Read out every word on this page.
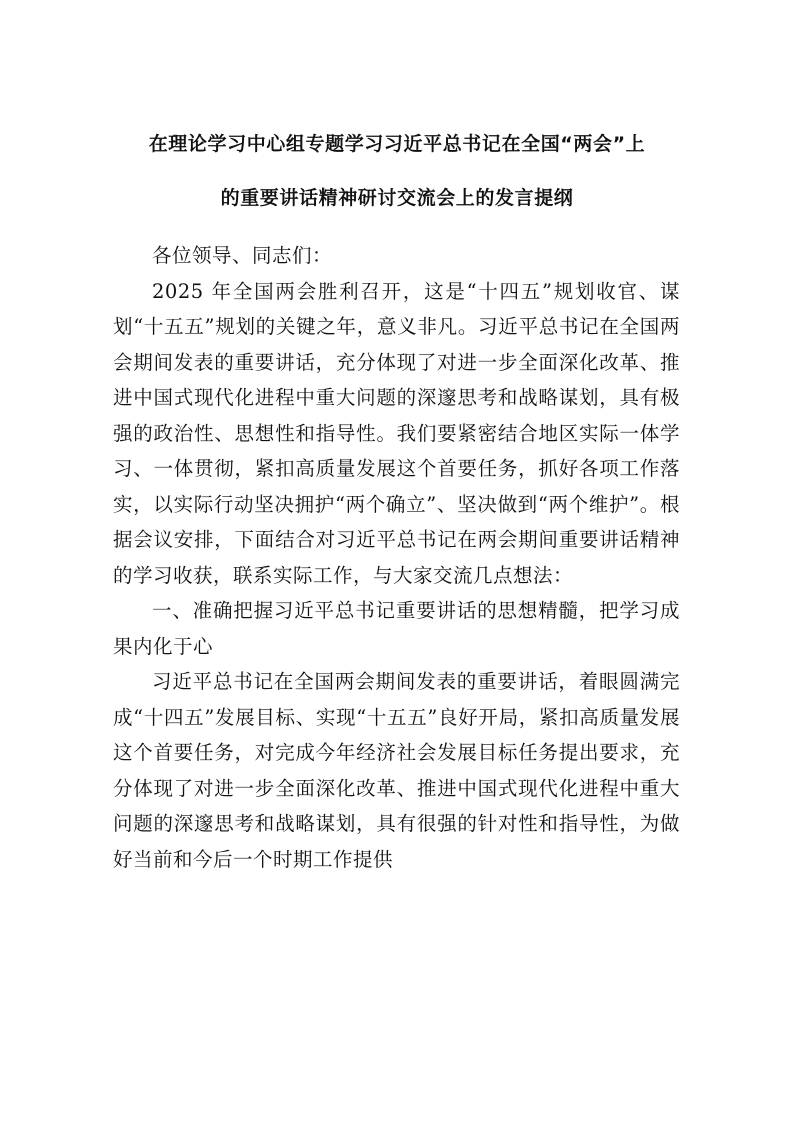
在理论学习中心组专题学习习近平总书记在全国“两会”上
的重要讲话精神研讨交流会上的发言提纲

各位领导、同志们：

2025 年全国两会胜利召开，这是“十四五”规划收官、谋划“十五五”规划的关键之年，意义非凡。习近平总书记在全国两会期间发表的重要讲话，充分体现了对进一步全面深化改革、推进中国式现代化进程中重大问题的深邃思考和战略谋划，具有极强的政治性、思想性和指导性。我们要紧密结合地区实际一体学习、一体贯彻，紧扣高质量发展这个首要任务，抓好各项工作落实，以实际行动坚决拥护“两个确立”、坚决做到“两个维护”。根据会议安排，下面结合对习近平总书记在两会期间重要讲话精神的学习收获，联系实际工作，与大家交流几点想法：

一、准确把握习近平总书记重要讲话的思想精髓，把学习成果内化于心

习近平总书记在全国两会期间发表的重要讲话，着眼圆满完成“十四五”发展目标、实现“十五五”良好开局，紧扣高质量发展这个首要任务，对完成今年经济社会发展目标任务提出要求，充分体现了对进一步全面深化改革、推进中国式现代化进程中重大问题的深邃思考和战略谋划，具有很强的针对性和指导性，为做好当前和今后一个时期工作提供
